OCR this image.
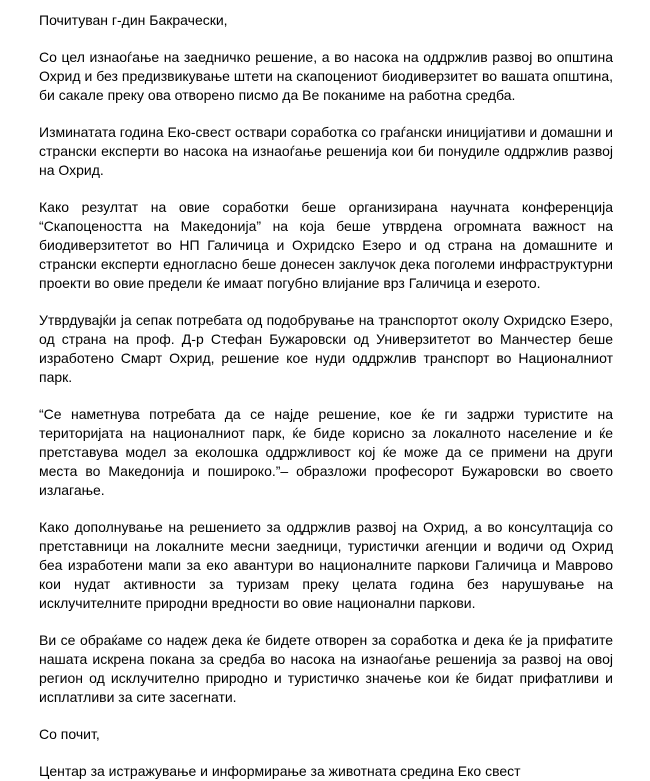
Почитуван г-дин Бакрачески,

Со цел изнаоѓање на заедничко решение, а во насока на оддржлив развој во општина Охрид и без предизвикување штети на скапоцениот биодиверзитет во вашата општина, би сакале преку ова отворено писмо да Ве покaниме на работна средба.

Изминатата година Еко-свест оствари соработка со граѓански иницијативи и домашни и странски експерти во насока на изнаоѓање решенија кои би понудиле оддржлив развој на Охрид.

Како резултат на овие соработки беше организирана научната конференција “Скапоцеността на Македонија” на која беше утврдена огромната важност на биодиверзитетот во НП Галичица и Охридско Езеро и од страна на домашните и странски експерти едногласно беше донесен заклучок дека поголеми инфраструктурни проекти во овие предели ќе имаат погубно влијание врз Галичица и езерото.

Утврдувајќи ја сепак потребата од подобрување на транспортот околу Охридско Езеро, од страна на проф. Д-р Стефан Бужаровски од Универзитетот во Манчестер беше изработено Смарт Охрид, решение кое нуди оддржлив транспорт во Националниот парк.

“Се наметнува потребата да се најде решение, кое ќе ги задржи туристите на територијата на националниот парк, ќе биде корисно за локалното население и ќе претставува модел за еколошка оддржливост кој ќе може да се примени на други места во Македонија и пошироко.”– образложи професорот Бужаровски во своето излагање.

Како дополнување на решението за оддржлив развој на Охрид, а во консултација со претставници на локалните месни заедници, туристички агенции и водичи од Охрид беа изработени мапи за еко авантури во националните паркови Галичица и Маврово кои нудат активности за туризам преку целата година без нарушување на исклучителните природни вредности во овие национални паркови.

Ви се обраќаме со надеж дека ќе бидете отворен за соработка и дека ќе ја прифатите нашата искрена покана за средба во насока на изнаоѓање решенија за развој на овој регион од исклучително природно и туристичко значење кои ќе бидат прифатливи и исплатливи за сите засегнати.

Со почит,

Центар за истражување и информирање за животната средина Еко свест
